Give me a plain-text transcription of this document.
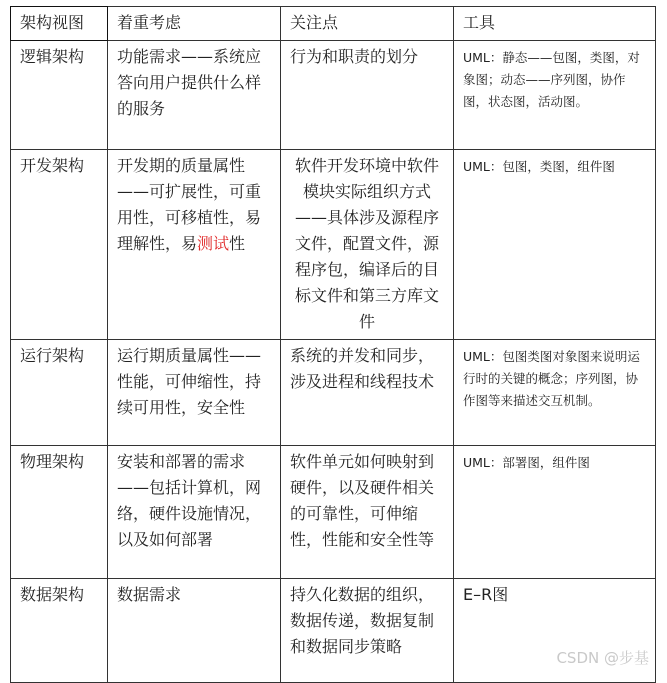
架构视图	着重考虑	关注点	工具
逻辑架构	功能需求——系统应答向用户提供什么样的服务	行为和职责的划分	UML：静态——包图，类图，对象图；动态——序列图，协作图，状态图，活动图。
开发架构	开发期的质量属性——可扩展性，可重用性，可移植性，易理解性，易测试性	软件开发环境中软件模块实际组织方式——具体涉及源程序文件，配置文件，源程序包，编译后的目标文件和第三方库文件	UML：包图，类图，组件图
运行架构	运行期质量属性——性能，可伸缩性，持续可用性，安全性	系统的并发和同步，涉及进程和线程技术	UML：包图类图对象图来说明运行时的关键的概念；序列图，协作图等来描述交互机制。
物理架构	安装和部署的需求——包括计算机，网络，硬件设施情况，以及如何部署	软件单元如何映射到硬件，以及硬件相关的可靠性，可伸缩性，性能和安全性等	UML：部署图，组件图
数据架构	数据需求	持久化数据的组织，数据传递，数据复制和数据同步策略	E–R图
CSDN @步基
